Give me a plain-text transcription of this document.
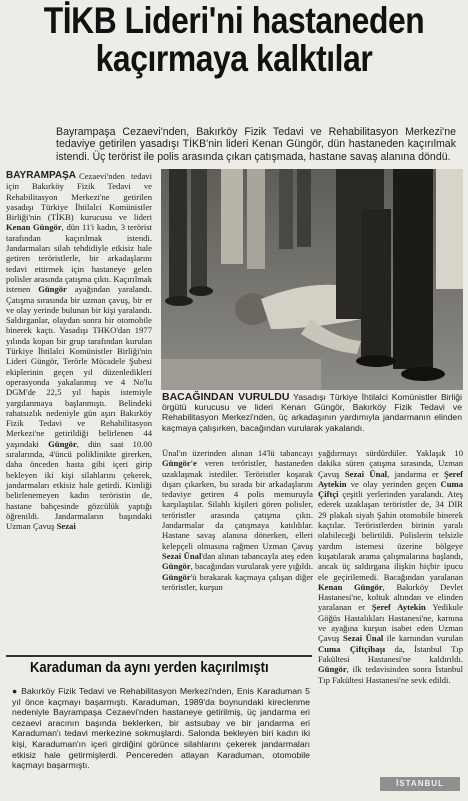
TİKB Lideri'ni hastaneden
kaçırmaya kalktılar
Bayrampaşa Cezaevi'nden, Bakırköy Fizik Tedavi ve Rehabilitasyon Merkezi'ne tedaviye getirilen yasadışı TİKB'nin lideri Kenan Güngör, dün hastaneden kaçırılmak istendi. Üç terörist ile polis arasında çıkan çatışmada, hastane savaş alanına döndü.
BAYRAMPAŞA Cezaevi'nden tedavi için Bakırköy Fizik Tedavi ve Rehabilitasyon Merkezi'ne getirilen yasadışı Türkiye İhtilalci Komünistler Birliği'nin (TİKB) kurucusu ve lideri Kenan Güngör, dün 11'i kadın, 3 terörist tarafından kaçırılmak istendi. Jandarmaları silah tehdidiyle etkisiz hale getiren teröristlerle, bir arkadaşlarını tedavi ettirmek için hastaneye gelen polisler arasında çatışma çıktı. Kaçırılmak istenen Güngör ayağından yaralandı. Çatışma sırasında bir uzman çavuş, bir er ve olay yerinde bulunan bir kişi yaralandı. Saldırganlar, olaydan sonra bir otomobile binerek kaçtı. Yasadışı THKO'dan 1977 yılında kopan bir grup tarafından kurulan Türkiye İhtilalci Komünistler Birliği'nin Lideri Güngör, Terörle Mücadele Şubesi ekiplerinin geçen yıl düzenledikleri operasyonda yakalanmış ve 4 No'lu DGM'de 22,5 yıl hapis istemiyle yargılanmaya başlanmıştı. Belindeki rahatsızlık nedeniyle gün aşırı Bakırköy Fizik Tedavi ve Rehabilitasyon Merkezi'ne getirildiği belirlenen 44 yaşındaki Güngör, dün saat 10.00 sıralarında, 4'üncü poliklinikte girerken, daha önceden hasta gibi içeri girip bekleyen iki kişi silahlarını çekerek, jandarmaları etkisiz hale getirdi. Kimliği belirlenemeyen kadın teröristin de, hastane bahçesinde gözcülük yaptığı öğrenildi. Jandarmaların başındaki Uzman Çavuş Sezai
BACAĞINDAN VURULDU Yasadışı Türkiye İhtilalci Komünistler Birliği örgütü kurucusu ve lideri Kenan Güngör, Bakırköy Fizik Tedavi ve Rehabilitasyon Merkezi'nden, üç arkadaşının yardımıyla jandarmanın elinden kaçmaya çalışırken, bacağından vurularak yakalandı.
Ünal'ın üzerinden alınan 14'lü tabancayı Güngör'e veren teröristler, hastaneden uzaklaşmak istediler. Teröristler koşarak dışarı çıkarken, bu sırada bir arkadaşlarını tedaviye getiren 4 polis memuruyla karşılaştılar. Silahlı kişileri gören polisler, teröristler arasında çatışma çıktı. Jandarmalar da çatışmaya katıldılar. Hastane savaş alanına dönerken, elleri kelepçeli olmasına rağmen Uzman Çavuş Sezai Ünal'dan alınan tabancayla ateş eden Güngör, bacağından vurularak yere yığıldı. Güngör'ü bırakarak kaçmaya çalışan diğer teröristler, kurşun
yağdırmayı sürdürdüler. Yaklaşık 10 dakika süren çatışma sırasında, Uzman Çavuş Sezai Ünal, jandarma er Şeref Aytekin ve olay yerinden geçen Cuma Çiftçi çeşitli yerlerinden yaralandı. Ateş ederek uzaklaşan teröristler de, 34 DIR 29 plakalı siyah Şahin otomobile binerek kaçtılar. Teröristlerden birinin yaralı olabileceği belirtildi. Polislerin telsizle yardım istemesi üzerine bölgeye kuşatılarak arama çalışmalarına başlandı, ancak üç saldırgana ilişkin hiçbir ipucu ele geçirilemedi. Bacağından yaralanan Kenan Güngör, Bakırköy Devlet Hastanesi'ne, koltuk altından ve elinden yaralanan er Şeref Aytekin Yedikule Göğüs Hastalıkları Hastanesi'ne, karnına ve ayağına kurşun isabet eden Uzman Çavuş Sezai Ünal ile karnından vurulan Cuma Çiftçibaşı da, İstanbul Tıp Fakültesi Hastanesi'ne kaldırıldı. Güngör, ilk tedavisinden sonra İstanbul Tıp Fakültesi Hastanesi'ne sevk edildi.
Karaduman da aynı yerden kaçırılmıştı
● Bakırköy Fizik Tedavi ve Rehabilitasyon Merkezi'nden, Enis Karaduman 5 yıl önce kaçmayı başarmıştı. Karaduman, 1989'da boynundaki kireclenme nedeniyle Bayrampaşa Cezaevi'nden hastaneye getirilmiş, üç jandarma eri cezaevi aracının başında beklerken, bir astsubay ve bir jandarma eri Karaduman'ı tedavi merkezine sokmuşlardı. Salonda bekleyen biri kadın iki kişi, Karaduman'ın içeri girdiğini görünce silahlarını çekerek jandarmaları etkisiz hale getirmişlerdi. Pencereden atlayan Karaduman, otomobile kaçmayı başarmıştı.
İSTANBUL
